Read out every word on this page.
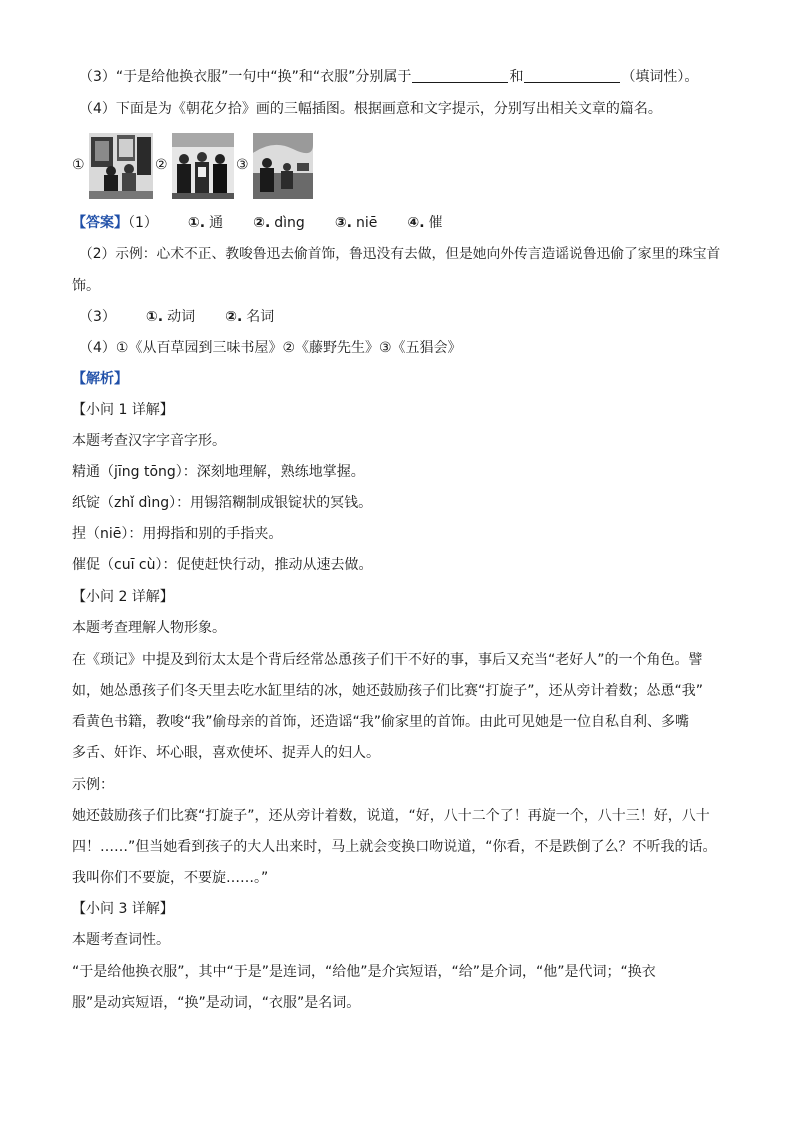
（3）“于是给他换衣服”一句中“换”和“衣服”分别属于	和	（填词性）。
（4）下面是为《朝花夕拾》画的三幅插图。根据画意和文字提示，分别写出相关文章的篇名。
①	②	③
【答案】（1） ①. 通 ②. dìng ③. niē ④. 催
（2）示例：心术不正、教唆鲁迅去偷首饰，鲁迅没有去做，但是她向外传言造谣说鲁迅偷了家里的珠宝首
饰。
（3） ①. 动词 ②. 名词
（4）①《从百草园到三味书屋》②《藤野先生》③《五猖会》
【解析】
【小问 1 详解】
本题考查汉字字音字形。
精通（jīng tōng）：深刻地理解，熟练地掌握。
纸锭（zhǐ dìng）：用锡箔糊制成银锭状的冥钱。
捏（niē）：用拇指和别的手指夹。
催促（cuī cù）：促使赶快行动，推动从速去做。
【小问 2 详解】
本题考查理解人物形象。
在《琐记》中提及到衍太太是个背后经常怂恿孩子们干不好的事，事后又充当“老好人”的一个角色。譬
如，她怂恿孩子们冬天里去吃水缸里结的冰，她还鼓励孩子们比赛“打旋子”，还从旁计着数；怂恿“我”
看黄色书籍，教唆“我”偷母亲的首饰，还造谣“我”偷家里的首饰。由此可见她是一位自私自利、多嘴
多舌、奸诈、坏心眼，喜欢使坏、捉弄人的妇人。
示例：
她还鼓励孩子们比赛“打旋子”，还从旁计着数，说道，“好，八十二个了！再旋一个，八十三！好，八十
四！……”但当她看到孩子的大人出来时，马上就会变换口吻说道，“你看，不是跌倒了么？不听我的话。
我叫你们不要旋，不要旋……。”
【小问 3 详解】
本题考查词性。
“于是给他换衣服”，其中“于是”是连词，“给他”是介宾短语，“给”是介词，“他”是代词；“换衣
服”是动宾短语，“换”是动词，“衣服”是名词。
